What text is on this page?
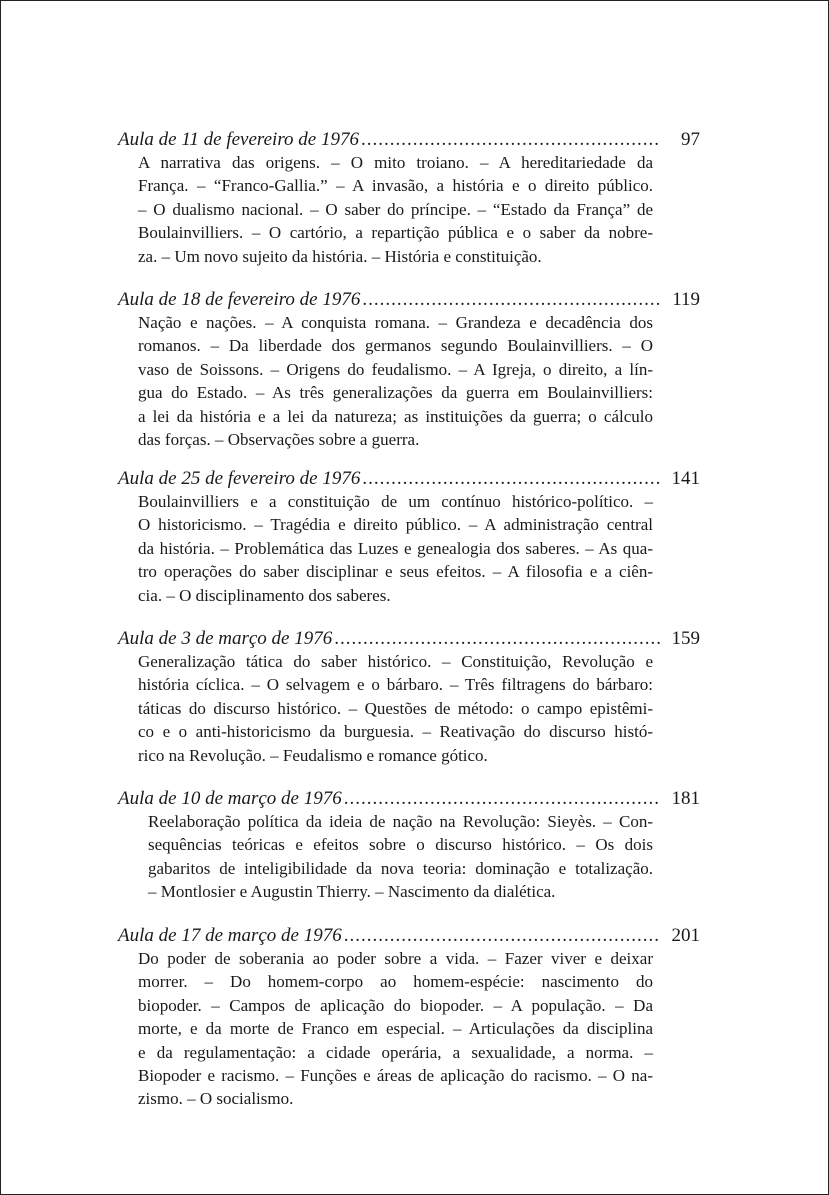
Aula de 11 de fevereiro de 1976 .....	97
A narrativa das origens. – O mito troiano. – A hereditariedade da
França. – “Franco-Gallia.” – A invasão, a história e o direito público.
– O dualismo nacional. – O saber do príncipe. – “Estado da França” de
Boulainvilliers. – O cartório, a repartição pública e o saber da nobre-
za. – Um novo sujeito da história. – História e constituição.
Aula de 18 de fevereiro de 1976 .....	119
Nação e nações. – A conquista romana. – Grandeza e decadência dos
romanos. – Da liberdade dos germanos segundo Boulainvilliers. – O
vaso de Soissons. – Origens do feudalismo. – A Igreja, o direito, a lín-
gua do Estado. – As três generalizações da guerra em Boulainvilliers:
a lei da história e a lei da natureza; as instituições da guerra; o cálculo
das forças. – Observações sobre a guerra.
Aula de 25 de fevereiro de 1976 .....	141
Boulainvilliers e a constituição de um contínuo histórico-político. –
O historicismo. – Tragédia e direito público. – A administração central
da história. – Problemática das Luzes e genealogia dos saberes. – As qua-
tro operações do saber disciplinar e seus efeitos. – A filosofia e a ciên-
cia. – O disciplinamento dos saberes.
Aula de 3 de março de 1976 .....	159
Generalização tática do saber histórico. – Constituição, Revolução e
história cíclica. – O selvagem e o bárbaro. – Três filtragens do bárbaro:
táticas do discurso histórico. – Questões de método: o campo epistêmi-
co e o anti-historicismo da burguesia. – Reativação do discurso histó-
rico na Revolução. – Feudalismo e romance gótico.
Aula de 10 de março de 1976 .....	181
Reelaboração política da ideia de nação na Revolução: Sieyès. – Con-
sequências teóricas e efeitos sobre o discurso histórico. – Os dois
gabaritos de inteligibilidade da nova teoria: dominação e totalização.
– Montlosier e Augustin Thierry. – Nascimento da dialética.
Aula de 17 de março de 1976 .....	201
Do poder de soberania ao poder sobre a vida. – Fazer viver e deixar
morrer. – Do homem-corpo ao homem-espécie: nascimento do
biopoder. – Campos de aplicação do biopoder. – A população. – Da
morte, e da morte de Franco em especial. – Articulações da disciplina
e da regulamentação: a cidade operária, a sexualidade, a norma. –
Biopoder e racismo. – Funções e áreas de aplicação do racismo. – O na-
zismo. – O socialismo.
